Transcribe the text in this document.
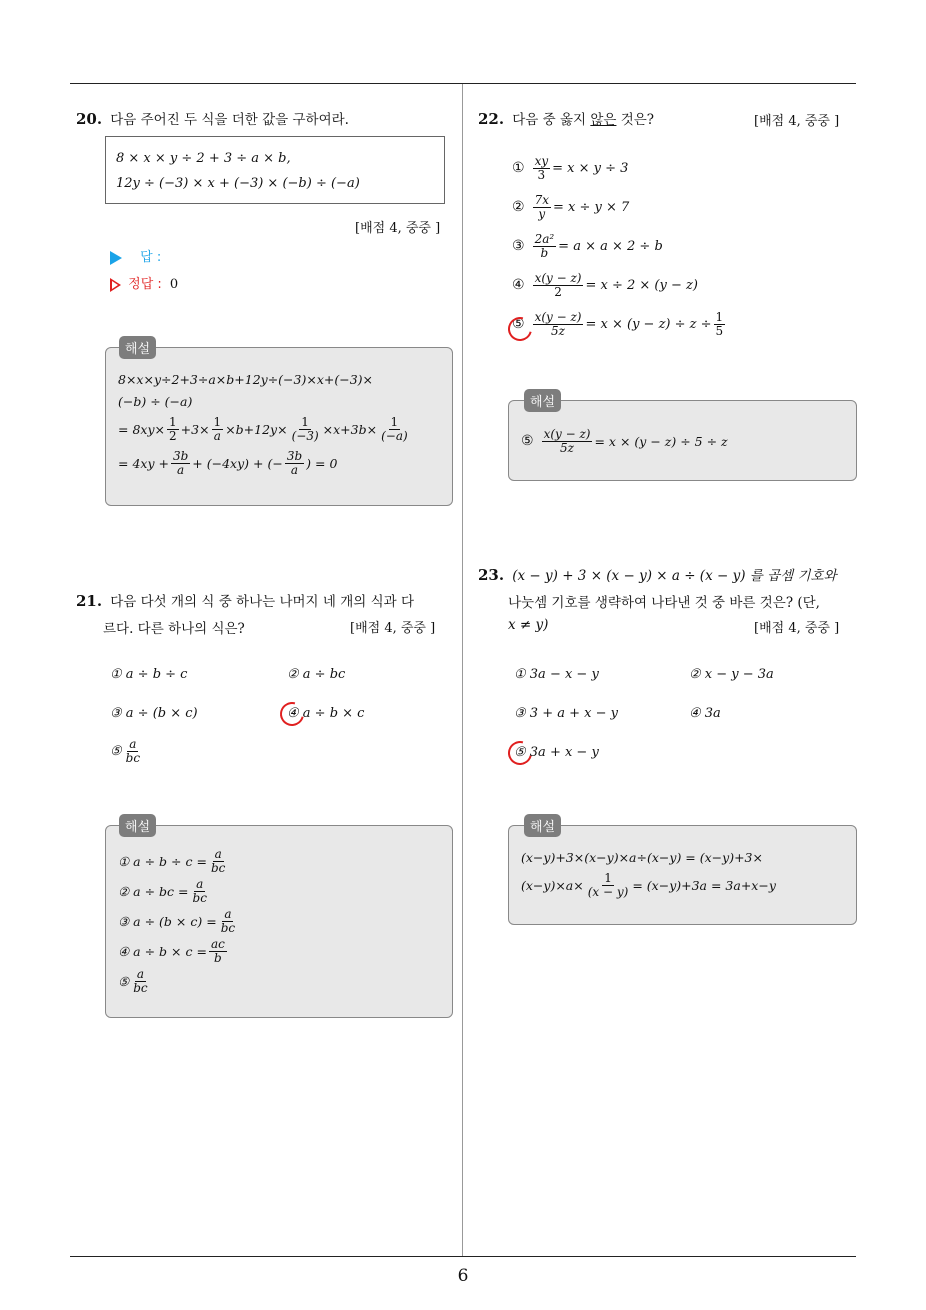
6
20. 다음 주어진 두 식을 더한 값을 구하여라.
8 × x × y ÷ 2 + 3 ÷ a × b,
12y ÷ (−3) × x + (−3) × (−b) ÷ (−a)
[배점 4, 중중 ]
답 :
정답 : 0
8×x×y÷2+3÷a×b+12y÷(−3)×x+(−3)×
(−b) ÷ (−a)
= $8xy\times \frac{1}{2} +3\times \frac{1}{a} \times b+12y\times \frac{1}{(-3)} \times x+3b\times \frac{1}{(-a)}$
= $4xy + \frac{3b}{a} + (-4xy)$ + (− $\frac{3b}{a}$ ) = 0
해설
21. 다음 다섯 개의 식 중 하나는 나머지 네 개의 식과 다
르다. 다른 하나의 식은?	[배점 4, 중중 ]
① a ÷ b ÷ c	② a ÷ bc
③ a ÷ (b × c)	④ a ÷ b × c
⑤ $\frac{a}{bc}$
① $a \div b \div c = \frac{a}{bc}$
② a ÷ bc = $\frac{a}{bc}$
③ $a \div (b \times c) = \frac{a}{bc}$
④ $a \div b \times c = \frac{ac}{b}$
⑤ $\frac{a}{bc}$
해설
22. 다음 중 옳지 않은 것은?	[배점 4, 중중 ]
① $\frac{xy}{3} = x \times y \div 3$
② $\frac{7x}{y} = x \div y \times 7$
③ $\frac{\text{2a²}}{b} = a \times a \times 2 \div b$
④ $\frac{x(y - z)}{2} = x \div 2 \times (y - z)$
⑤ $\frac{x(y - z)}{5z} = x \times (y - z) \div z \div \frac{1}{5}$
⑤ $\frac{x(y - z)}{5z} = x \times (y - z) \div 5 \div z$
해설
23. (x − y) + 3 × (x − y) × a ÷ (x − y) 를 곱셈 기호와
나눗셈 기호를 생략하여 나타낸 것 중 바른 것은? (단,
x ≠ y)	[배점 4, 중중 ]
① 3a − x − y	② x − y − 3a
③ 3 + a + x − y	④ 3a
⑤ 3a + x − y
(x−y)+3×(x−y)×a÷(x−y) = (x−y)+3×
$(x-y)\times a\times \frac{1}{(x - y)} = (x-y)+3a = 3a+x-y$
해설
